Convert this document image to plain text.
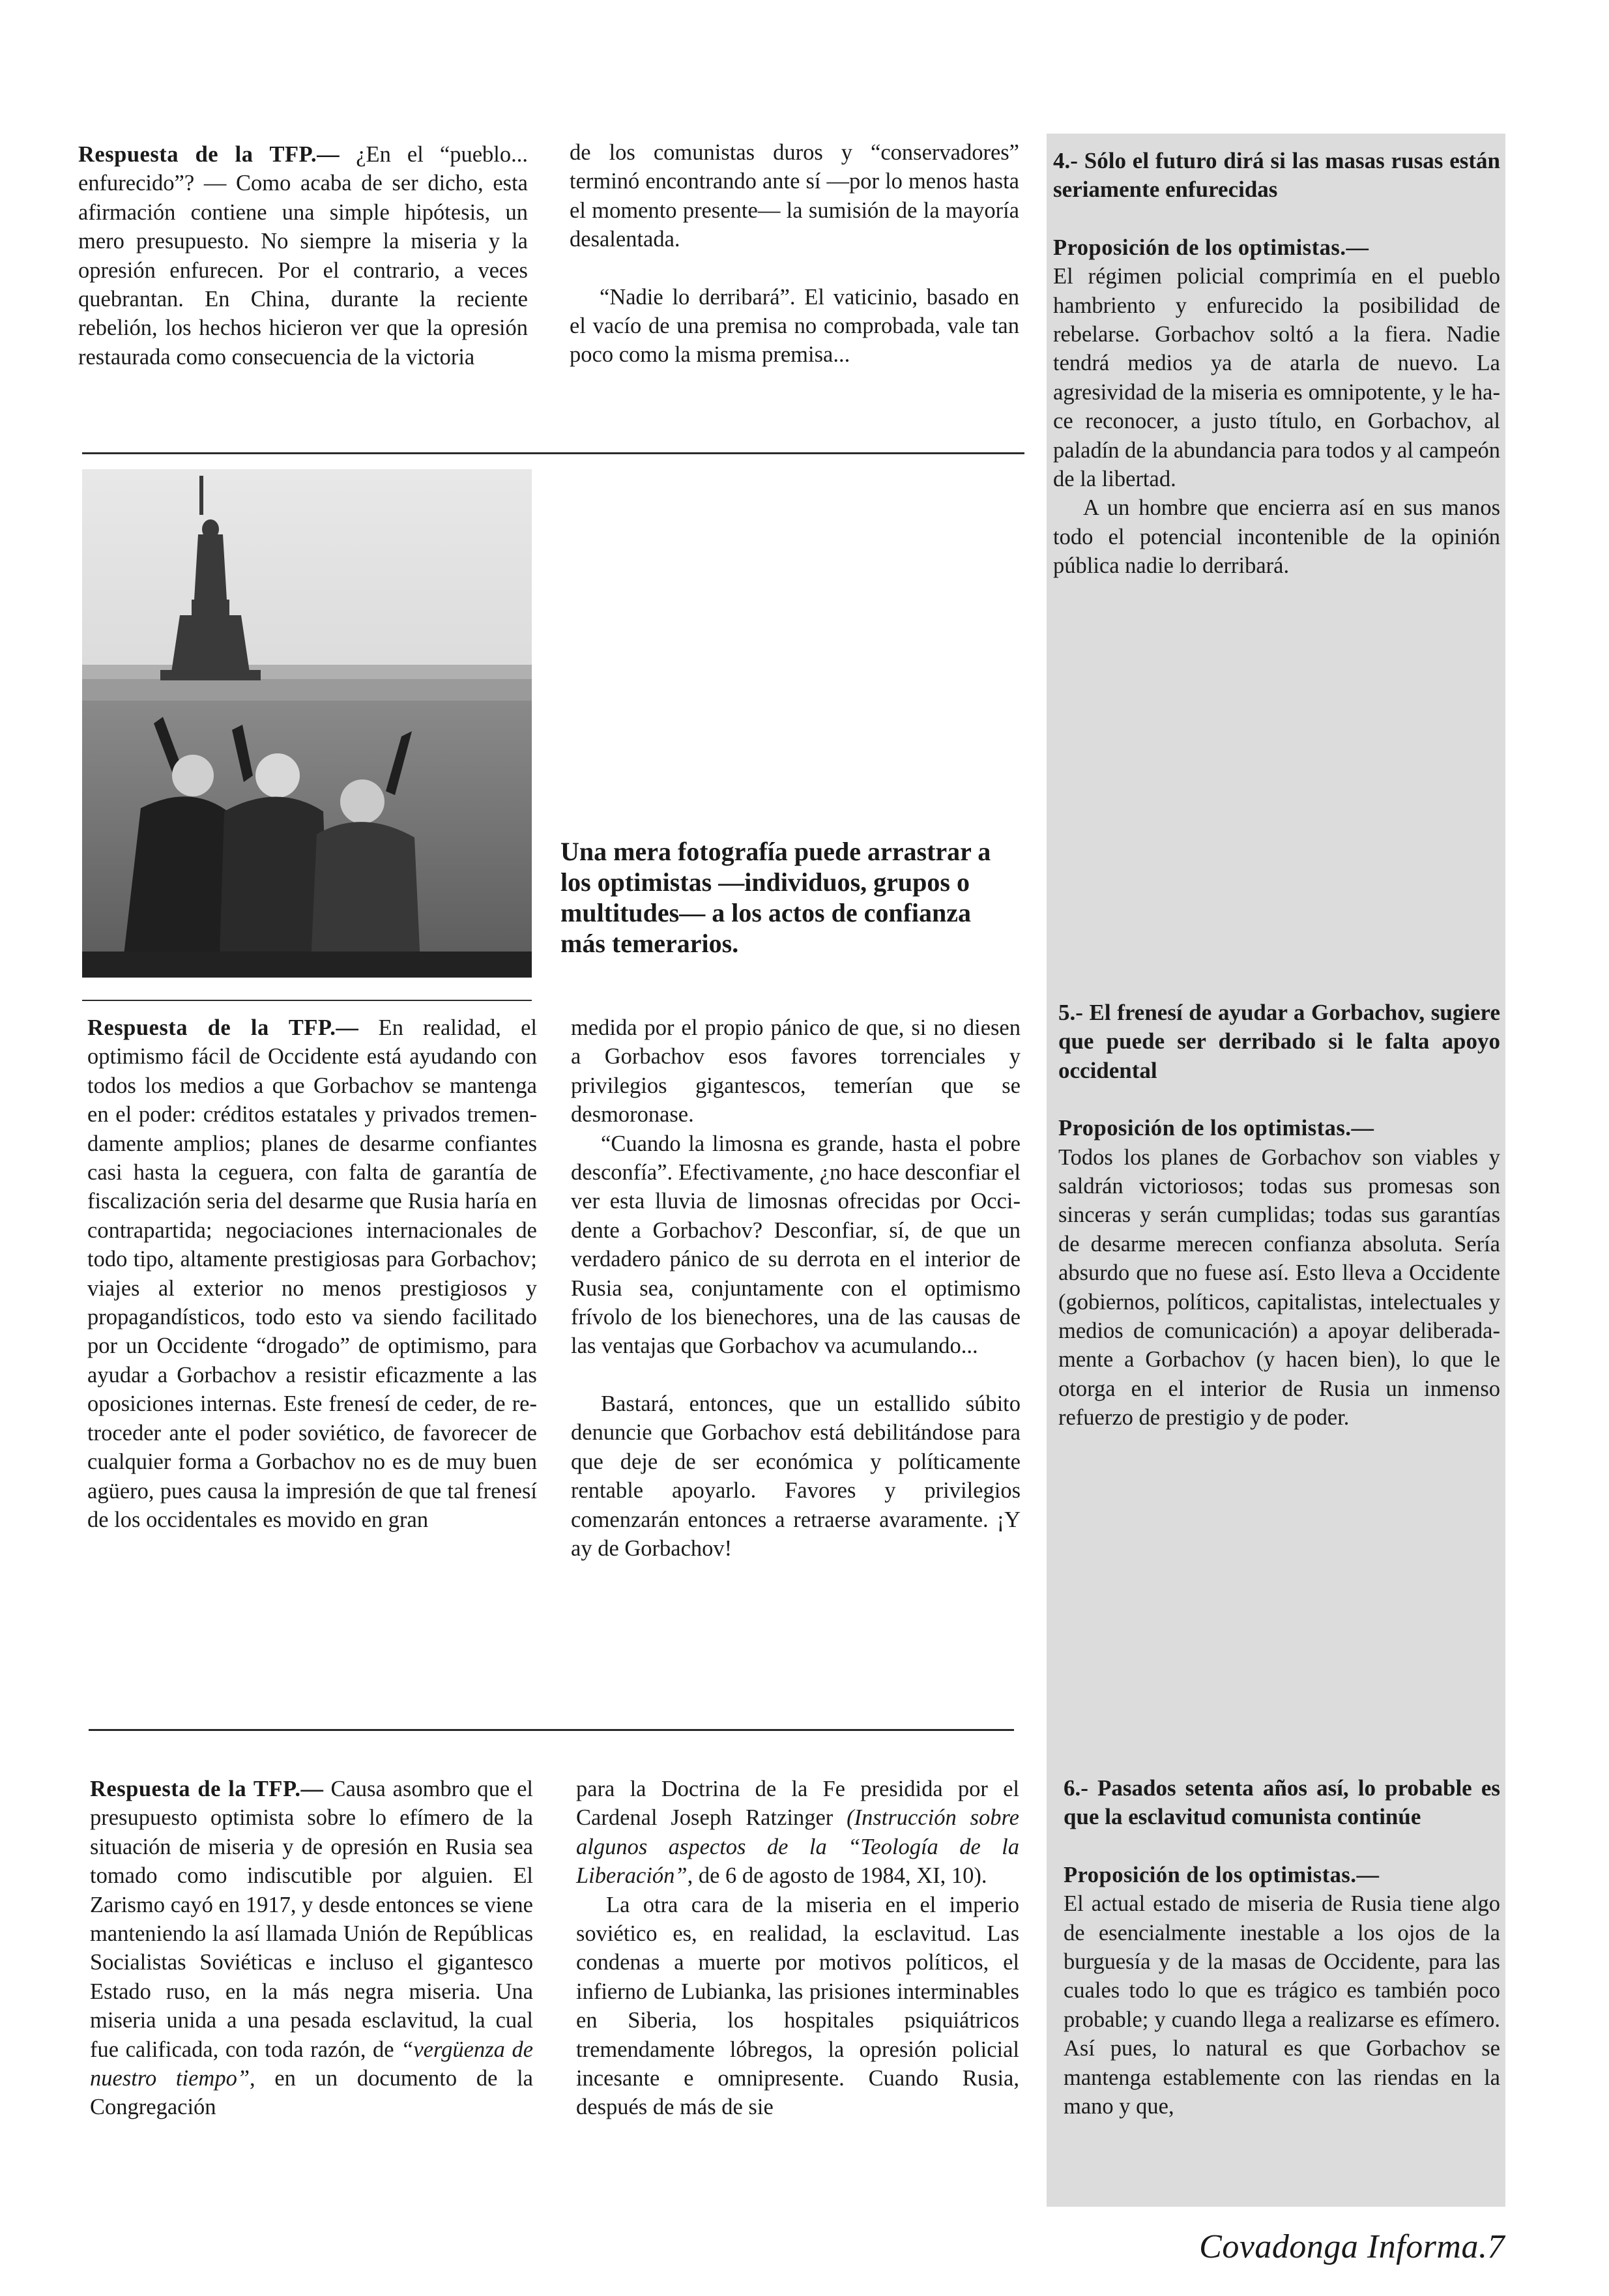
Respuesta de la TFP.— ¿En el “pueblo... enfurecido”? — Como acaba de ser dicho, esta afirmación contiene una simple hipótesis, un mero presupuesto. No siempre la miseria y la opresión enfurecen. Por el contrario, a veces quebrantan. En China, durante la reciente rebelión, los hechos hicieron ver que la opresión restaurada como consecuencia de la victoria

de los comunistas duros y “conservadores” terminó encontrando ante sí —por lo menos hasta el momento presente— la sumisión de la mayoría desalentada.

“Nadie lo derribará”. El vaticinio, basado en el vacío de una premisa no comprobada, vale tan poco como la misma premisa...

4.- Sólo el futuro dirá si las masas rusas están seriamente enfurecidas

Proposición de los optimistas.—

El régimen policial comprimía en el pueblo hambriento y enfurecido la posibilidad de rebelarse. Gorbachov soltó a la fiera. Nadie tendrá medios ya de atarla de nuevo. La agresividad de la miseria es omnipotente, y le hace reconocer, a justo título, en Gorbachov, al paladín de la abundancia para todos y al campeón de la libertad.

A un hombre que encierra así en sus manos todo el potencial incontenible de la opinión pública nadie lo derribará.

Una mera fotografía puede arrastrar a los optimistas —individuos, grupos o multitudes— a los actos de confianza más temerarios.

Respuesta de la TFP.— En realidad, el optimismo fácil de Occidente está ayudando con todos los medios a que Gorbachov se mantenga en el poder: créditos estatales y privados tremendamente amplios; planes de desarme confiantes casi hasta la ceguera, con falta de garantía de fiscalización seria del desarme que Rusia haría en contrapartida; negociaciones internacionales de todo tipo, altamente prestigiosas para Gorbachov; viajes al exterior no menos prestigiosos y propagandísticos, todo esto va siendo facilitado por un Occidente “drogado” de optimismo, para ayudar a Gorbachov a resistir eficazmente a las oposiciones internas. Este frenesí de ceder, de retroceder ante el poder soviético, de favorecer de cualquier forma a Gorbachov no es de muy buen agüero, pues causa la impresión de que tal frenesí de los occidentales es movido en gran

medida por el propio pánico de que, si no diesen a Gorbachov esos favores torrenciales y privilegios gigantescos, temerían que se desmoronase.

“Cuando la limosna es grande, hasta el pobre desconfía”. Efectivamente, ¿no hace desconfiar el ver esta lluvia de limosnas ofrecidas por Occidente a Gorbachov? Desconfiar, sí, de que un verdadero pánico de su derrota en el interior de Rusia sea, conjuntamente con el optimismo frívolo de los bienechores, una de las causas de las ventajas que Gorbachov va acumulando...

Bastará, entonces, que un estallido súbito denuncie que Gorbachov está debilitándose para que deje de ser económica y políticamente rentable apoyarlo. Favores y privilegios comenzarán entonces a retraerse avaramente. ¡Y ay de Gorbachov!

5.- El frenesí de ayudar a Gorbachov, sugiere que puede ser derribado si le falta apoyo occidental

Proposición de los optimistas.—

Todos los planes de Gorbachov son viables y saldrán victoriosos; todas sus promesas son sinceras y serán cumplidas; todas sus garantías de desarme merecen confianza absoluta. Sería absurdo que no fuese así. Esto lleva a Occidente (gobiernos, políticos, capitalistas, intelectuales y medios de comunicación) a apoyar deliberadamente a Gorbachov (y hacen bien), lo que le otorga en el interior de Rusia un inmenso refuerzo de prestigio y de poder.

Respuesta de la TFP.— Causa asombro que el presupuesto optimista sobre lo efímero de la situación de miseria y de opresión en Rusia sea tomado como indiscutible por alguien. El Zarismo cayó en 1917, y desde entonces se viene manteniendo la así llamada Unión de Repúblicas Socialistas Soviéticas e incluso el gigantesco Estado ruso, en la más negra miseria. Una miseria unida a una pesada esclavitud, la cual fue calificada, con toda razón, de “vergüenza de nuestro tiempo”, en un documento de la Congregación

para la Doctrina de la Fe presidida por el Cardenal Joseph Ratzinger (Instrucción sobre algunos aspectos de la “Teología de la Liberación”, de 6 de agosto de 1984, XI, 10).

La otra cara de la miseria en el imperio soviético es, en realidad, la esclavitud. Las condenas a muerte por motivos políticos, el infierno de Lubianka, las prisiones interminables en Siberia, los hospitales psiquiátricos tremendamente lóbregos, la opresión policial incesante e omnipresente. Cuando Rusia, después de más de sie

6.- Pasados setenta años así, lo probable es que la esclavitud comunista continúe

Proposición de los optimistas.—

El actual estado de miseria de Rusia tiene algo de esencialmente inestable a los ojos de la burguesía y de la masas de Occidente, para las cuales todo lo que es trágico es también poco probable; y cuando llega a realizarse es efímero. Así pues, lo natural es que Gorbachov se mantenga establemente con las riendas en la mano y que,

Covadonga Informa.7
